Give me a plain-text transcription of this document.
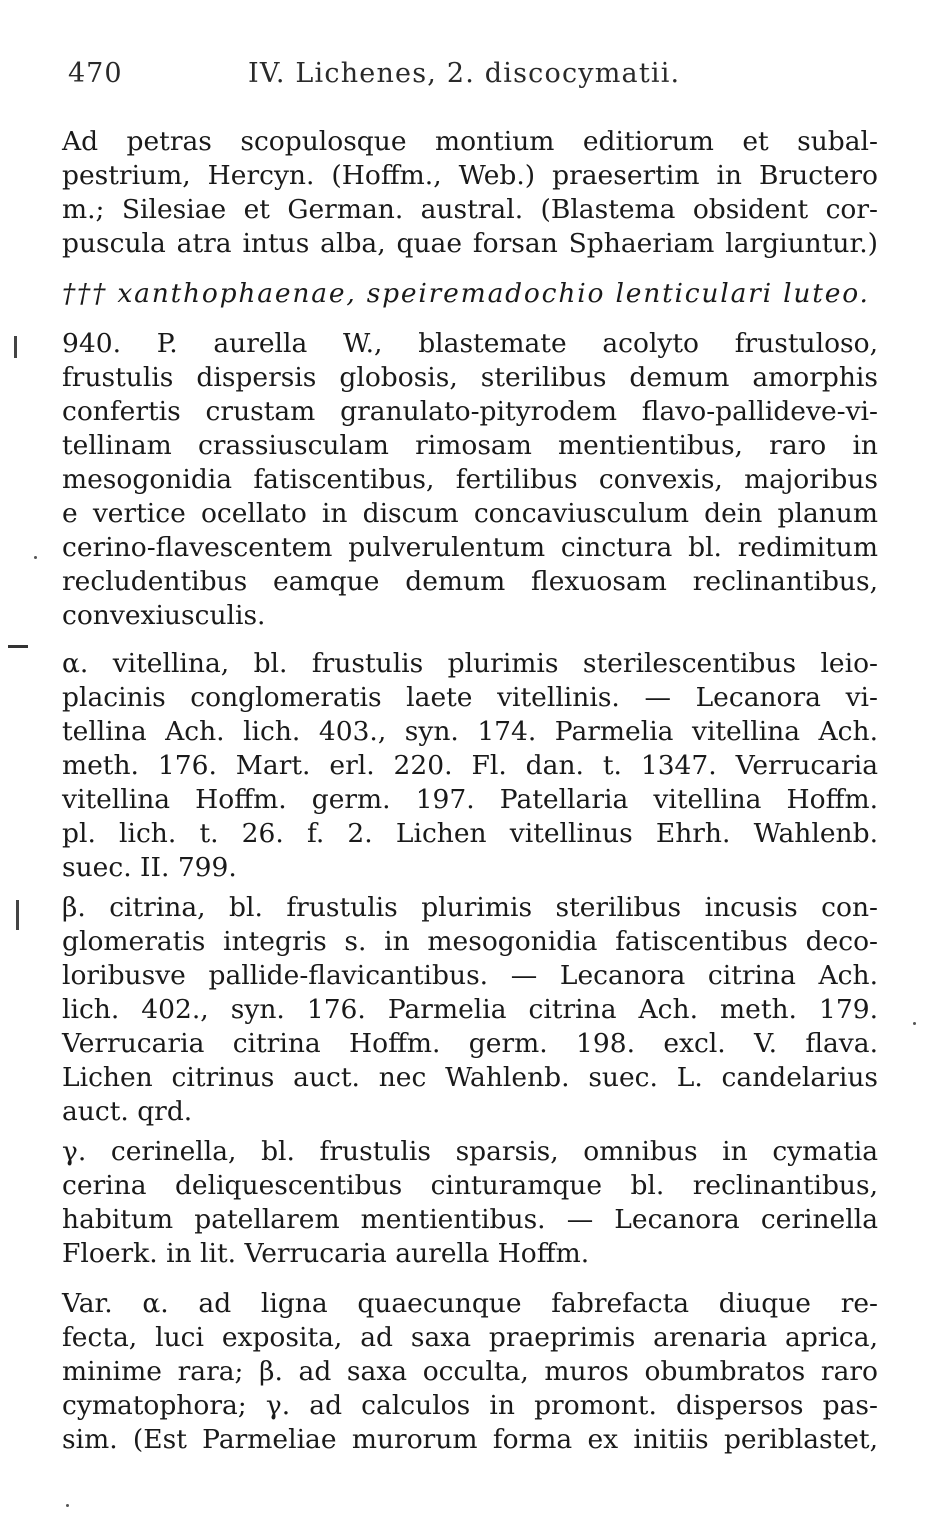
470	IV. Lichenes, 2. discocymatii.
Ad petras scopulosque montium editiorum et subal-
pestrium, Hercyn. (Hoffm., Web.) praesertim in Bructero
m.; Silesiae et German. austral. (Blastema obsident cor-
puscula atra intus alba, quae forsan Sphaeriam largiuntur.)
††† xanthophaenae, speiremadochio lenticulari luteo.
940. P. aurella W., blastemate acolyto frustuloso,
frustulis dispersis globosis, sterilibus demum amorphis
confertis crustam granulato-pityrodem flavo-pallideve-vi-
tellinam crassiusculam rimosam mentientibus, raro in
mesogonidia fatiscentibus, fertilibus convexis, majoribus
e vertice ocellato in discum concaviusculum dein planum
cerino-flavescentem pulverulentum cinctura bl. redimitum
recludentibus eamque demum flexuosam reclinantibus,
convexiusculis.
α. vitellina, bl. frustulis plurimis sterilescentibus leio-
placinis conglomeratis laete vitellinis. — Lecanora vi-
tellina Ach. lich. 403., syn. 174. Parmelia vitellina Ach.
meth. 176. Mart. erl. 220. Fl. dan. t. 1347. Verrucaria
vitellina Hoffm. germ. 197. Patellaria vitellina Hoffm.
pl. lich. t. 26. f. 2. Lichen vitellinus Ehrh. Wahlenb.
suec. II. 799.
β. citrina, bl. frustulis plurimis sterilibus incusis con-
glomeratis integris s. in mesogonidia fatiscentibus deco-
loribusve pallide-flavicantibus. — Lecanora citrina Ach.
lich. 402., syn. 176. Parmelia citrina Ach. meth. 179.
Verrucaria citrina Hoffm. germ. 198. excl. V. flava.
Lichen citrinus auct. nec Wahlenb. suec. L. candelarius
auct. qrd.
γ. cerinella, bl. frustulis sparsis, omnibus in cymatia
cerina deliquescentibus cinturamque bl. reclinantibus,
habitum patellarem mentientibus. — Lecanora cerinella
Floerk. in lit. Verrucaria aurella Hoffm.
Var. α. ad ligna quaecunque fabrefacta diuque re-
fecta, luci exposita, ad saxa praeprimis arenaria aprica,
minime rara; β. ad saxa occulta, muros obumbratos raro
cymatophora; γ. ad calculos in promont. dispersos pas-
sim. (Est Parmeliae murorum forma ex initiis periblastet,
